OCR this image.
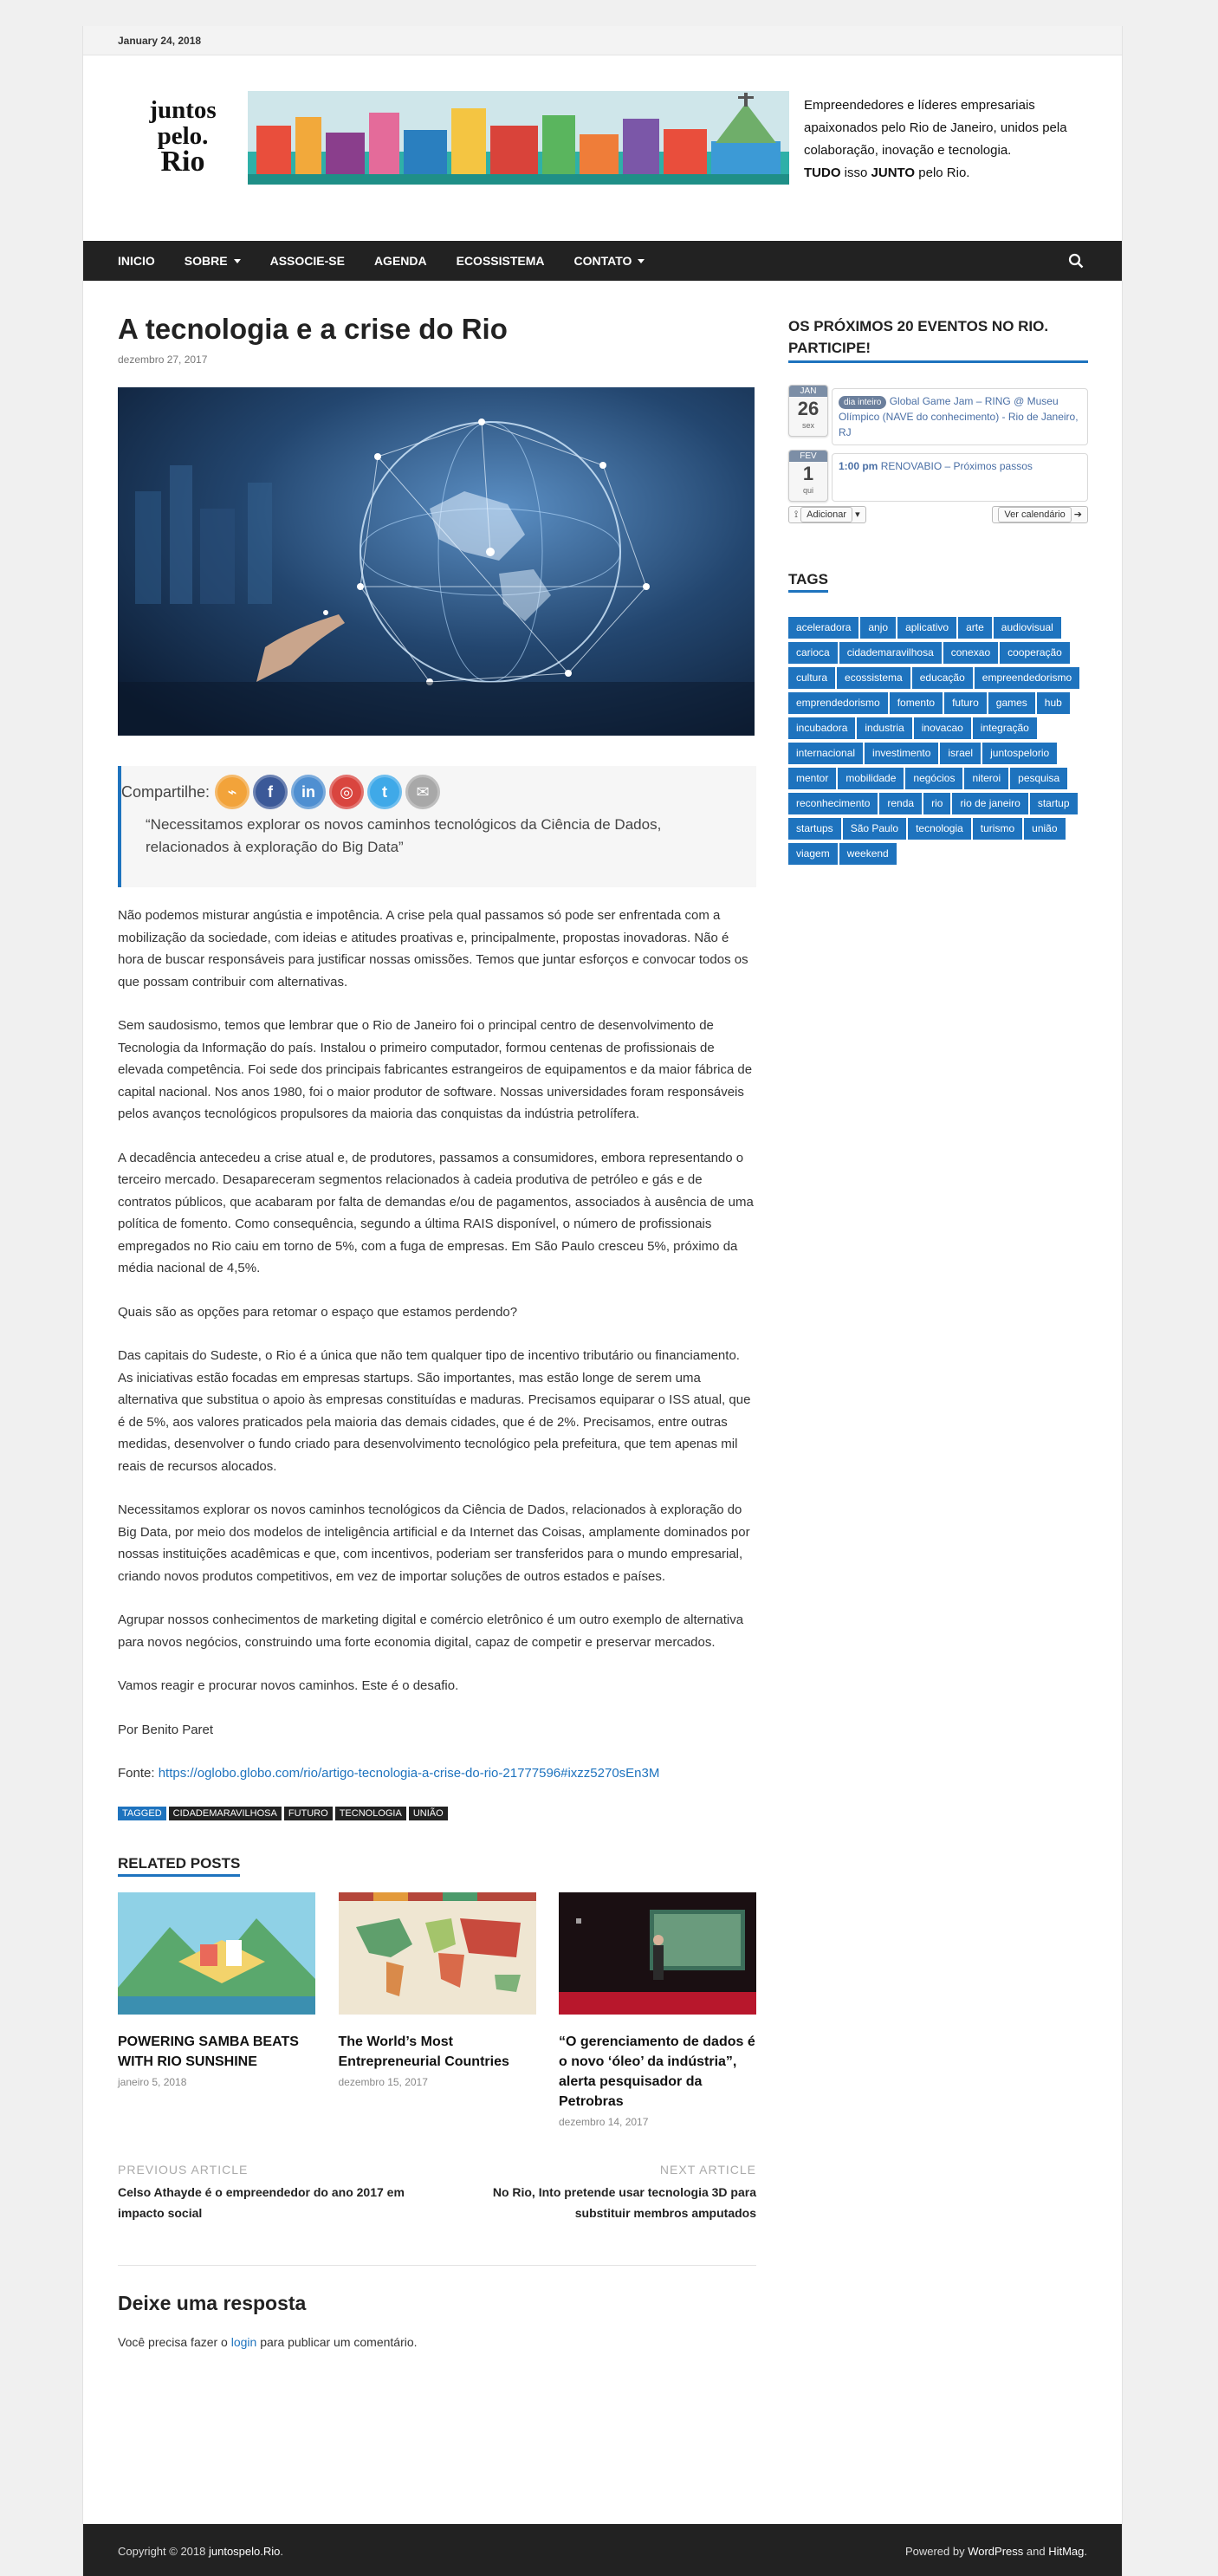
January 24, 2018
juntos
pelo.
Rio
Empreendedores e líderes empresariais apaixonados pelo Rio de Janeiro, unidos pela colaboração, inovação e tecnologia.
TUDO isso JUNTO pelo Rio.
INICIO SOBRE	ASSOCIE-SE AGENDA ECOSSISTEMA CONTATO
A tecnologia e a crise do Rio
dezembro 27, 2017
Compartilhe:	⌁	f	in	◎	t	✉

“Necessitamos explorar os novos caminhos tecnológicos da Ciência de Dados, relacionados à exploração do Big Data”

Não podemos misturar angústia e impotência. A crise pela qual passamos só pode ser enfrentada com a mobilização da sociedade, com ideias e atitudes proativas e, principalmente, propostas inovadoras. Não é hora de buscar responsáveis para justificar nossas omissões. Temos que juntar esforços e convocar todos os que possam contribuir com alternativas.

Sem saudosismo, temos que lembrar que o Rio de Janeiro foi o principal centro de desenvolvimento de Tecnologia da Informação do país. Instalou o primeiro computador, formou centenas de profissionais de elevada competência. Foi sede dos principais fabricantes estrangeiros de equipamentos e da maior fábrica de capital nacional. Nos anos 1980, foi o maior produtor de software. Nossas universidades foram responsáveis pelos avanços tecnológicos propulsores da maioria das conquistas da indústria petrolífera.

A decadência antecedeu a crise atual e, de produtores, passamos a consumidores, embora representando o terceiro mercado. Desapareceram segmentos relacionados à cadeia produtiva de petróleo e gás e de contratos públicos, que acabaram por falta de demandas e/ou de pagamentos, associados à ausência de uma política de fomento. Como consequência, segundo a última RAIS disponível, o número de profissionais empregados no Rio caiu em torno de 5%, com a fuga de empresas. Em São Paulo cresceu 5%, próximo da média nacional de 4,5%.

Quais são as opções para retomar o espaço que estamos perdendo?

Das capitais do Sudeste, o Rio é a única que não tem qualquer tipo de incentivo tributário ou financiamento. As iniciativas estão focadas em empresas startups. São importantes, mas estão longe de serem uma alternativa que substitua o apoio às empresas constituídas e maduras. Precisamos equiparar o ISS atual, que é de 5%, aos valores praticados pela maioria das demais cidades, que é de 2%. Precisamos, entre outras medidas, desenvolver o fundo criado para desenvolvimento tecnológico pela prefeitura, que tem apenas mil reais de recursos alocados.

Necessitamos explorar os novos caminhos tecnológicos da Ciência de Dados, relacionados à exploração do Big Data, por meio dos modelos de inteligência artificial e da Internet das Coisas, amplamente dominados por nossas instituições acadêmicas e que, com incentivos, poderiam ser transferidos para o mundo empresarial, criando novos produtos competitivos, em vez de importar soluções de outros estados e países.

Agrupar nossos conhecimentos de marketing digital e comércio eletrônico é um outro exemplo de alternativa para novos negócios, construindo uma forte economia digital, capaz de competir e preservar mercados.

Vamos reagir e procurar novos caminhos. Este é o desafio.

Por Benito Paret

Fonte: https://oglobo.globo.com/rio/artigo-tecnologia-a-crise-do-rio-21777596#ixzz5270sEn3M

TAGGED	CIDADEMARAVILHOSA	FUTURO	TECNOLOGIA	UNIÃO
RELATED POSTS
POWERING SAMBA BEATS WITH RIO SUNSHINE
janeiro 5, 2018
The World’s Most Entrepreneurial Countries
dezembro 15, 2017
“O gerenciamento de dados é o novo ‘óleo’ da indústria”, alerta pesquisador da Petrobras
dezembro 14, 2017
PREVIOUS ARTICLE
Celso Athayde é o empreendedor do ano 2017 em impacto social
NEXT ARTICLE
No Rio, Into pretende usar tecnologia 3D para substituir membros amputados
Deixe uma resposta

Você precisa fazer o login para publicar um comentário.

OS PRÓXIMOS 20 EVENTOS NO RIO. PARTICIPE!
JAN
26
sex
dia inteiro Global Game Jam – RING @ Museu Olímpico (NAVE do conhecimento) - Rio de Janeiro, RJ
FEV
1
qui
1:00 pm RENOVABIO – Próximos passos
⟟ Adicionar ▾	Ver calendário ➔
TAGS
aceleradora	anjo	aplicativo	arte	audiovisual
carioca	cidademaravilhosa	conexao	cooperação
cultura	ecossistema	educação	empreendedorismo
emprendedorismo	fomento	futuro	games	hub
incubadora	industria	inovacao	integração
internacional	investimento	israel	juntospelorio
mentor	mobilidade	negócios	niteroi	pesquisa
reconhecimento	renda	rio	rio de janeiro	startup
startups	São Paulo	tecnologia	turismo	união
viagem	weekend
Copyright © 2018 juntospelo.Rio.	Powered by WordPress and HitMag.
